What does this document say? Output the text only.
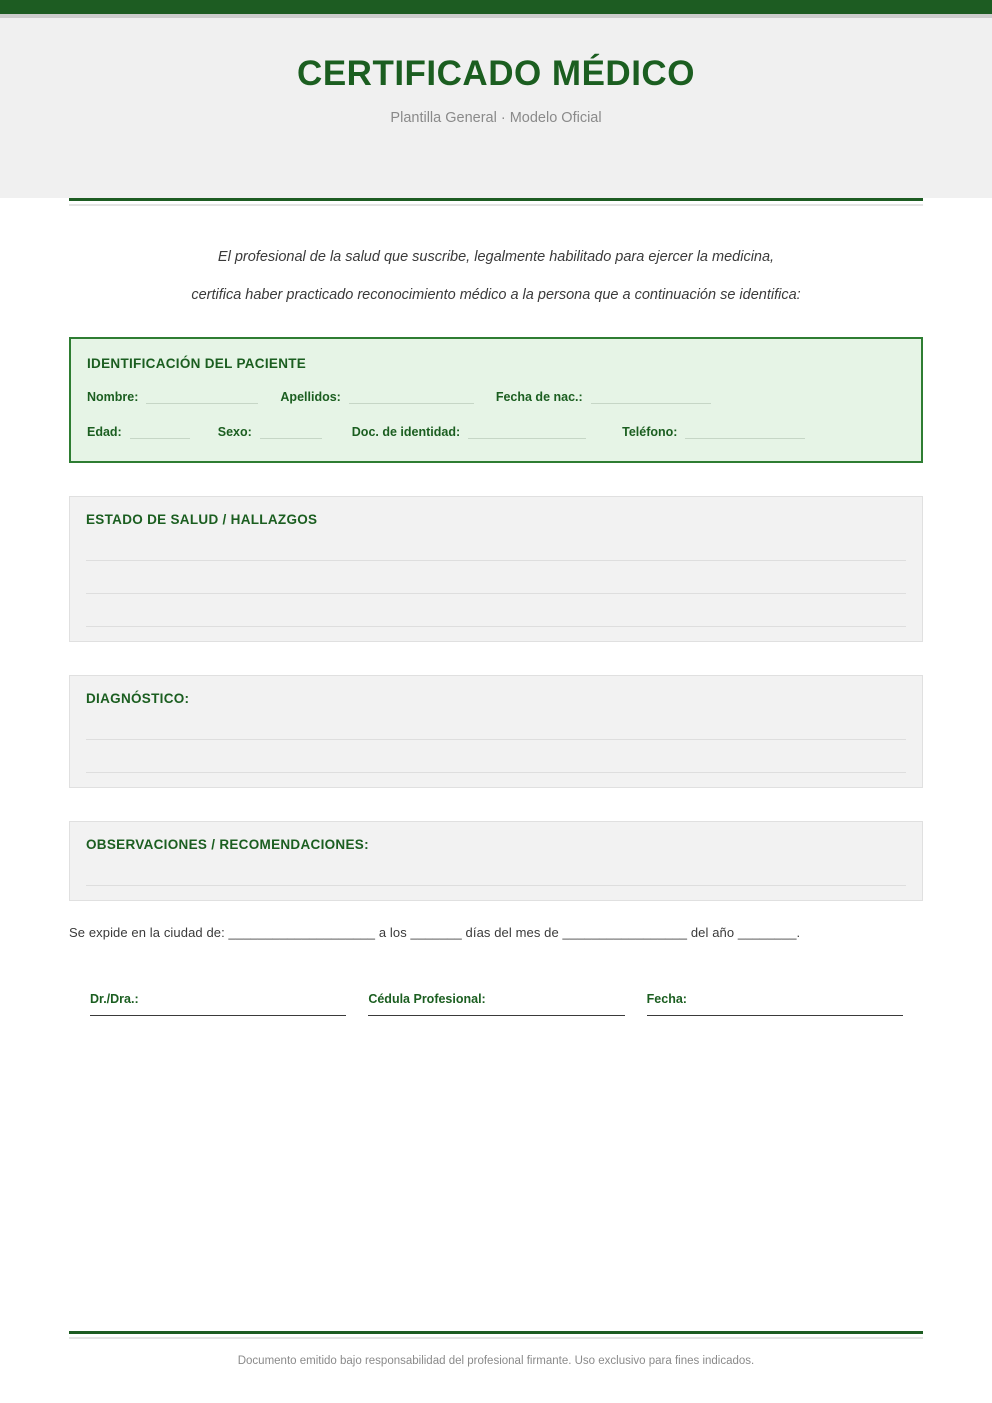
CERTIFICADO MÉDICO

Plantilla General · Modelo Oficial

El profesional de la salud que suscribe, legalmente habilitado para ejercer la medicina,

certifica haber practicado reconocimiento médico a la persona que a continuación se identifica:

IDENTIFICACIÓN DEL PACIENTE
Nombre:	Apellidos:	Fecha de nac.:
Edad:	Sexo:	Doc. de identidad:	Teléfono:
ESTADO DE SALUD / HALLAZGOS
DIAGNÓSTICO:
OBSERVACIONES / RECOMENDACIONES:
Se expide en la ciudad de: ____________________ a los _______ días del mes de _________________ del año ________.
Dr./Dra.:	Cédula Profesional:	Fecha:
Documento emitido bajo responsabilidad del profesional firmante. Uso exclusivo para fines indicados.
